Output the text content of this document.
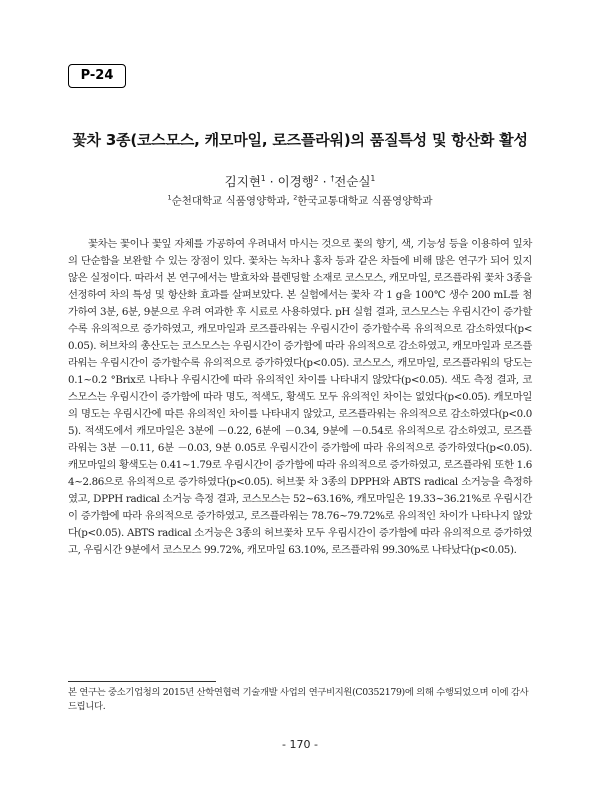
P-24
꽃차 3종(코스모스, 캐모마일, 로즈플라워)의 품질특성 및 항산화 활성
김지현$^1$ · 이경행$^2$ · †전순실$^1$
$^1$순천대학교 식품영양학과, $^2$한국교통대학교 식품영양학과

꽃차는 꽃이나 꽃잎 자체를 가공하여 우려내서 마시는 것으로 꽃의 향기, 색, 기능성 등을 이용하여 잎차의 단순함을 보완할 수 있는 장점이 있다. 꽃차는 녹차나 홍차 등과 같은 차들에 비해 많은 연구가 되어 있지 않은 실정이다. 따라서 본 연구에서는 발효차와 블렌딩할 소재로 코스모스, 캐모마일, 로즈플라워 꽃차 3종을 선정하여 차의 특성 및 항산화 효과를 살펴보았다. 본 실험에서는 꽃차 각 1 g을 100℃ 생수 200 mL를 첨가하여 3분, 6분, 9분으로 우려 여과한 후 시료로 사용하였다. pH 실험 결과, 코스모스는 우림시간이 증가할수록 유의적으로 증가하였고, 캐모마일과 로즈플라워는 우림시간이 증가할수록 유의적으로 감소하였다(p<0.05). 허브차의 총산도는 코스모스는 우림시간이 증가함에 따라 유의적으로 감소하였고, 캐모마일과 로즈플라워는 우림시간이 증가할수록 유의적으로 증가하였다(p<0.05). 코스모스, 캐모마일, 로즈플라워의 당도는 0.1~0.2 °Brix로 나타나 우림시간에 따라 유의적인 차이를 나타내지 않았다(p<0.05). 색도 측정 결과, 코스모스는 우림시간이 증가함에 따라 명도, 적색도, 황색도 모두 유의적인 차이는 없었다(p<0.05). 캐모마일의 명도는 우림시간에 따른 유의적인 차이를 나타내지 않았고, 로즈플라워는 유의적으로 감소하였다(p<0.05). 적색도에서 캐모마일은 3분에 －0.22, 6분에 －0.34, 9분에 －0.54로 유의적으로 감소하였고, 로즈플라워는 3분 －0.11, 6분 －0.03, 9분 0.05로 우림시간이 증가함에 따라 유의적으로 증가하였다(p<0.05). 캐모마일의 황색도는 0.41~1.79로 우림시간이 증가함에 따라 유의적으로 증가하였고, 로즈플라워 또한 1.64~2.86으로 유의적으로 증가하였다(p<0.05). 허브꽃 차 3종의 DPPH와 ABTS radical 소거능을 측정하였고, DPPH radical 소거능 측정 결과, 코스모스는 52~63.16%, 캐모마일은 19.33~36.21%로 우림시간이 증가함에 따라 유의적으로 증가하였고, 로즈플라워는 78.76~79.72%로 유의적인 차이가 나타나지 않았다(p<0.05). ABTS radical 소거능은 3종의 허브꽃차 모두 우림시간이 증가함에 따라 유의적으로 증가하였고, 우림시간 9분에서 코스모스 99.72%, 캐모마일 63.10%, 로즈플라워 99.30%로 나타났다(p<0.05).

본 연구는 중소기업청의 2015년 산학연협력 기술개발 사업의 연구비지원(C0352179)에 의해 수행되었으며 이에 감사드립니다.

- 170 -
